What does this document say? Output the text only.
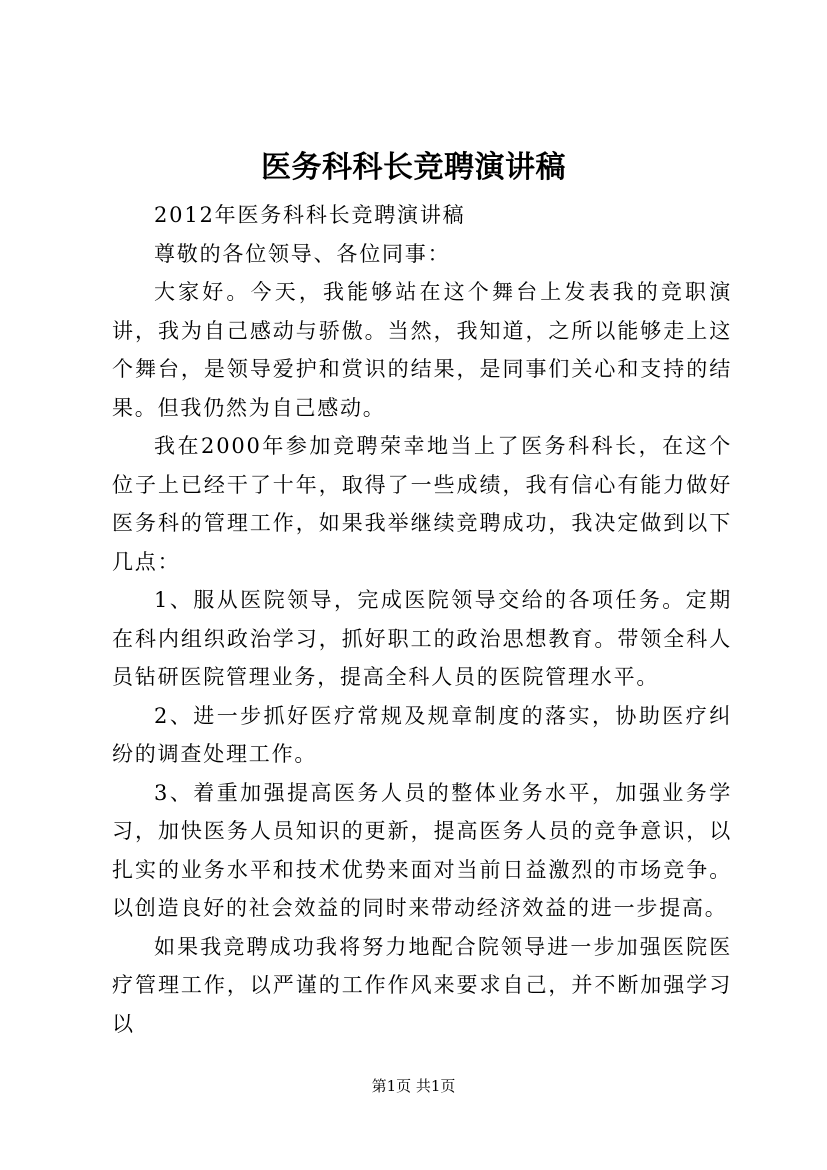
医务科科长竞聘演讲稿

2012年医务科科长竞聘演讲稿

尊敬的各位领导、各位同事：

大家好。今天，我能够站在这个舞台上发表我的竞职演讲，我为自己感动与骄傲。当然，我知道，之所以能够走上这个舞台，是领导爱护和赏识的结果，是同事们关心和支持的结果。但我仍然为自己感动。

我在2000年参加竞聘荣幸地当上了医务科科长，在这个位子上已经干了十年，取得了一些成绩，我有信心有能力做好医务科的管理工作，如果我举继续竞聘成功，我决定做到以下几点：

1、服从医院领导，完成医院领导交给的各项任务。定期在科内组织政治学习，抓好职工的政治思想教育。带领全科人员钻研医院管理业务，提高全科人员的医院管理水平。

2、进一步抓好医疗常规及规章制度的落实，协助医疗纠纷的调查处理工作。

3、着重加强提高医务人员的整体业务水平，加强业务学习，加快医务人员知识的更新，提高医务人员的竞争意识，以扎实的业务水平和技术优势来面对当前日益激烈的市场竞争。以创造良好的社会效益的同时来带动经济效益的进一步提高。

如果我竞聘成功我将努力地配合院领导进一步加强医院医疗管理工作，以严谨的工作作风来要求自己，并不断加强学习以

第1页 共1页
